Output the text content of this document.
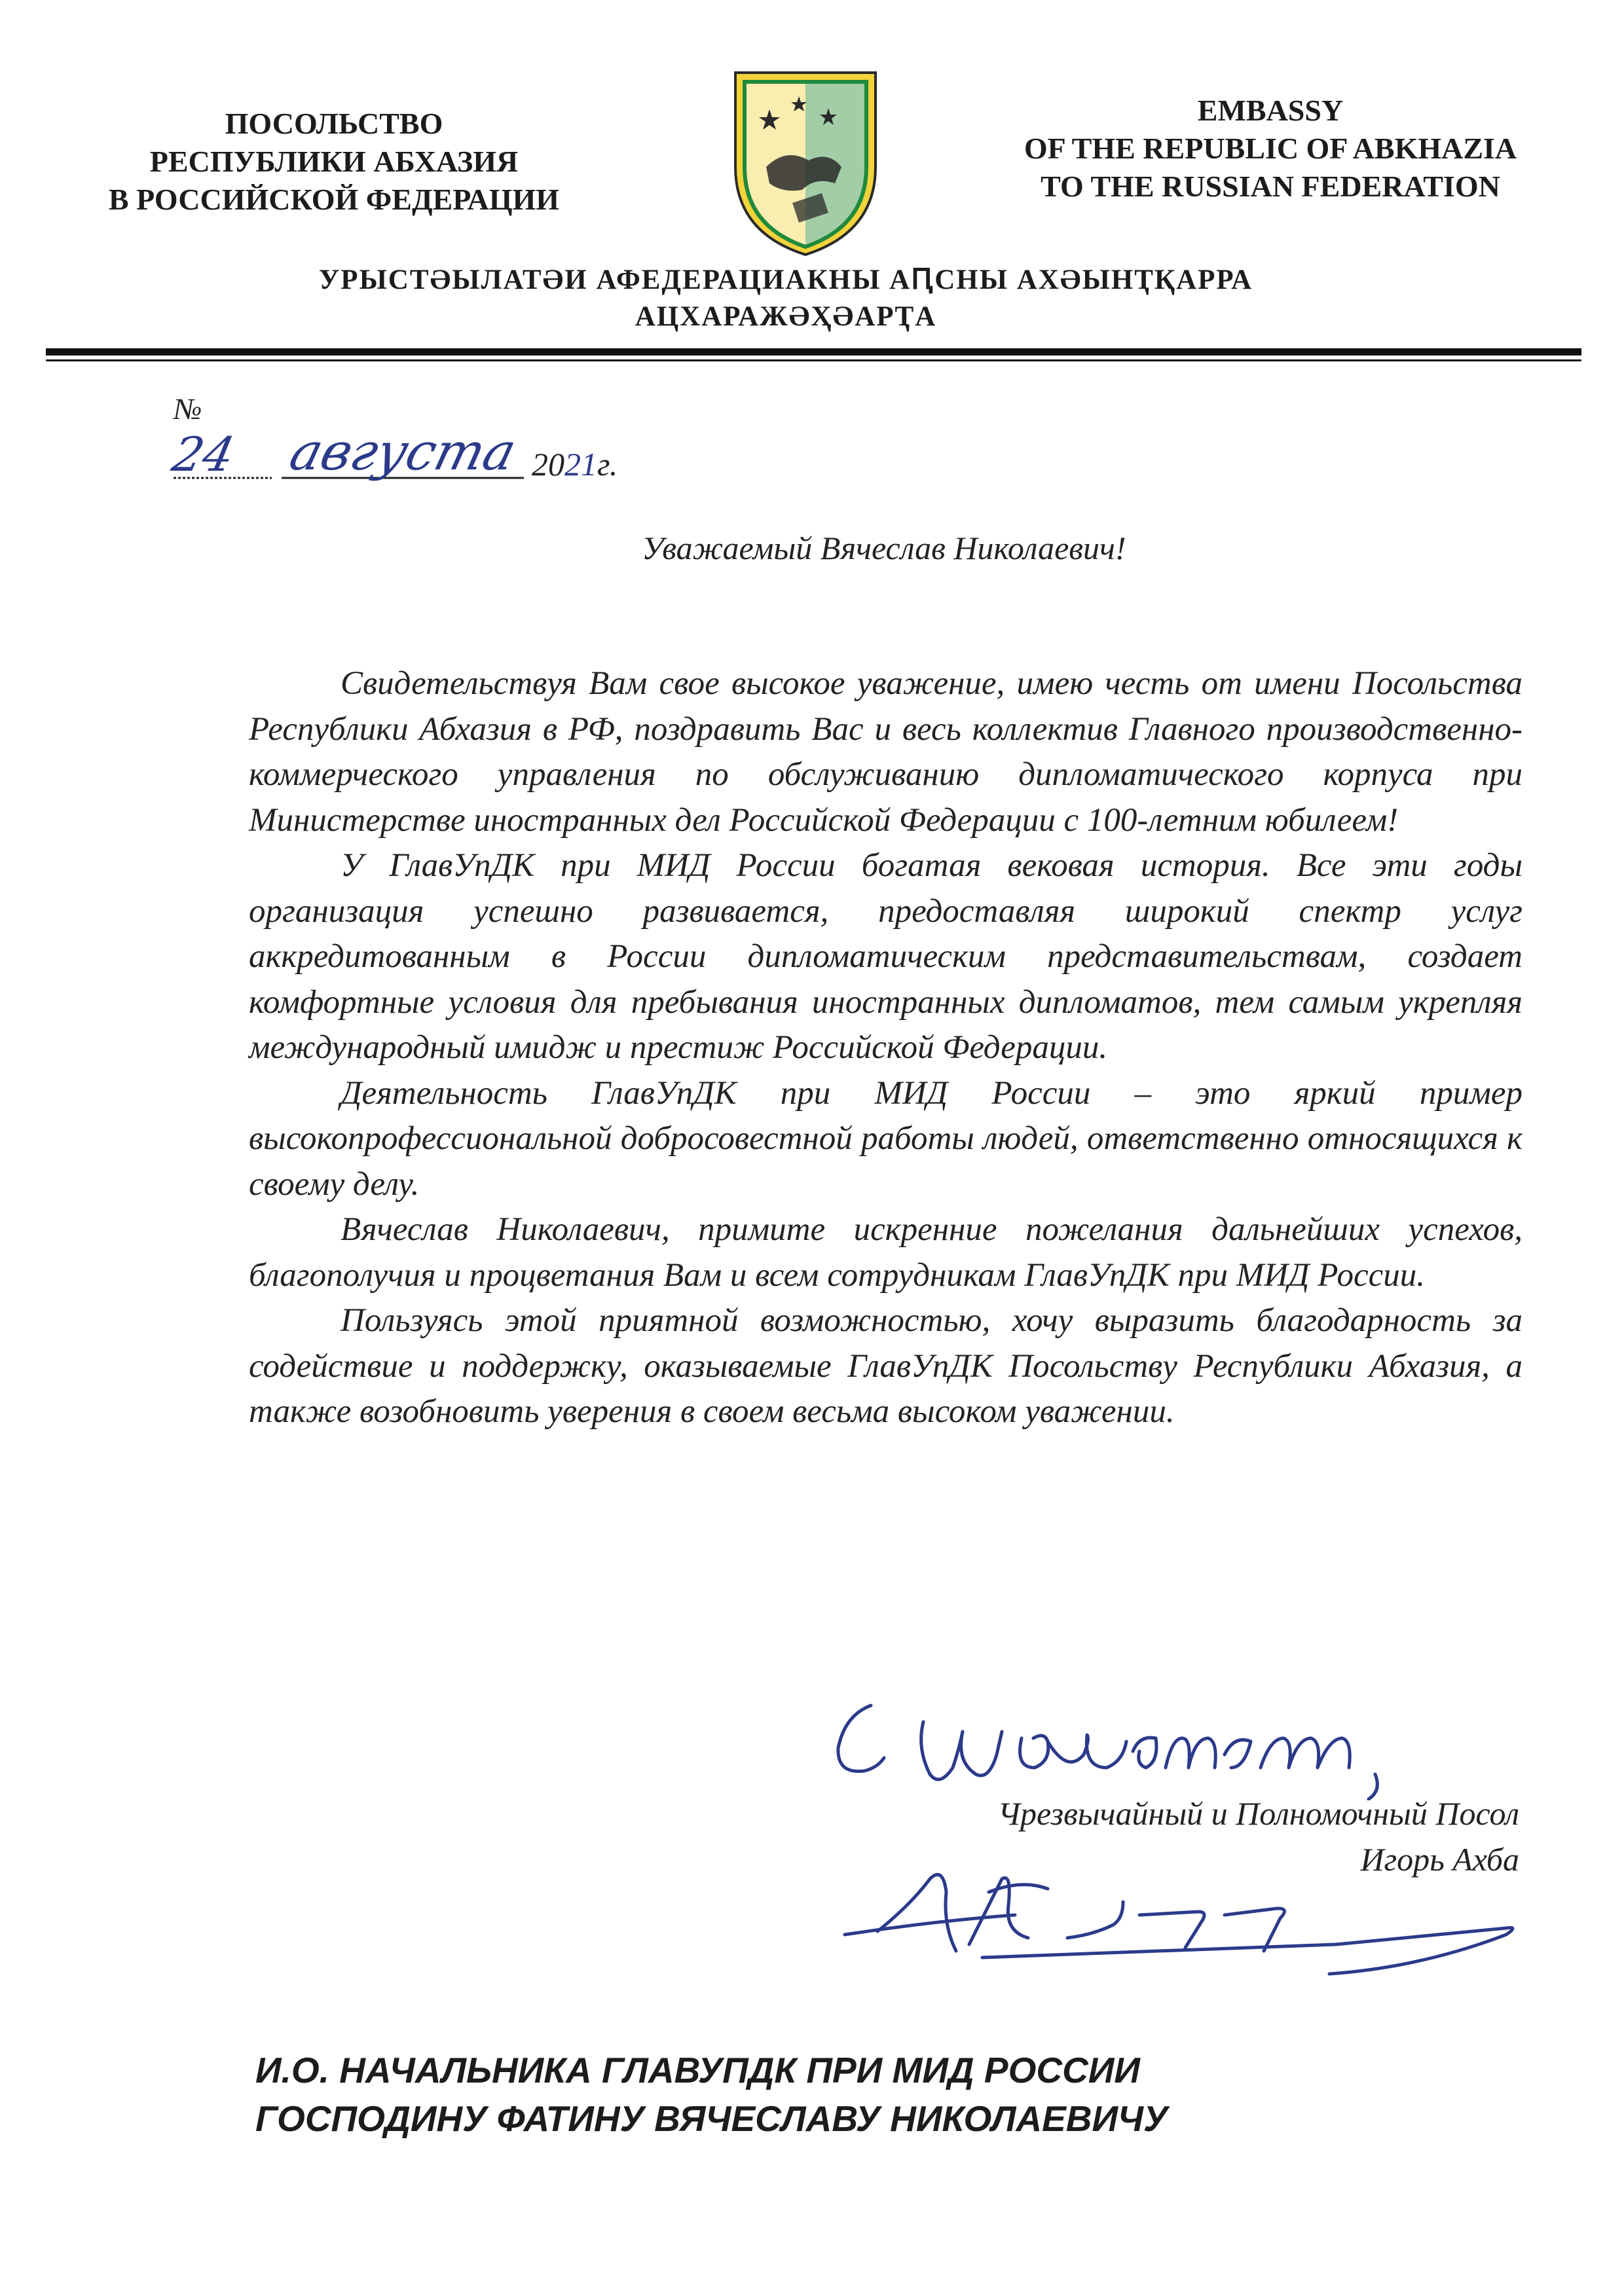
ПОСОЛЬСТВО
РЕСПУБЛИКИ АБХАЗИЯ
В РОССИЙСКОЙ ФЕДЕРАЦИИ
EMBASSY
OF THE REPUBLIC OF ABKHAZIA
TO THE RUSSIAN FEDERATION
УРЫСТӘЫЛАТӘИ АФЕДЕРАЦИАКНЫ АԤСНЫ АХӘЫНҬҚАРРА
АЦХАРАЖӘҲӘАРҬА
№
24 августа 2021г.
Уважаемый Вячеслав Николаевич!

Свидетельствуя Вам свое высокое уважение, имею честь от имени Посольства Республики Абхазия в РФ, поздравить Вас и весь коллектив Главного производственно-коммерческого управления по обслуживанию дипломатического корпуса при Министерстве иностранных дел Российской Федерации с 100-летним юбилеем!

У ГлавУпДК при МИД России богатая вековая история. Все эти годы организация успешно развивается, предоставляя широкий спектр услуг аккредитованным в России дипломатическим представительствам, создает комфортные условия для пребывания иностранных дипломатов, тем самым укрепляя международный имидж и престиж Российской Федерации.

Деятельность ГлавУпДК при МИД России – это яркий пример высокопрофессиональной добросовестной работы людей, ответственно относящихся к своему делу.

Вячеслав Николаевич, примите искренние пожелания дальнейших успехов, благополучия и процветания Вам и всем сотрудникам ГлавУпДК при МИД России.

Пользуясь этой приятной возможностью, хочу выразить благодарность за содействие и поддержку, оказываемые ГлавУпДК Посольству Республики Абхазия, а также возобновить уверения в своем весьма высоком уважении.

Чрезвычайный и Полномочный Посол
Игорь Ахба
И.О. НАЧАЛЬНИКА ГЛАВУПДК ПРИ МИД РОССИИ
ГОСПОДИНУ ФАТИНУ ВЯЧЕСЛАВУ НИКОЛАЕВИЧУ
